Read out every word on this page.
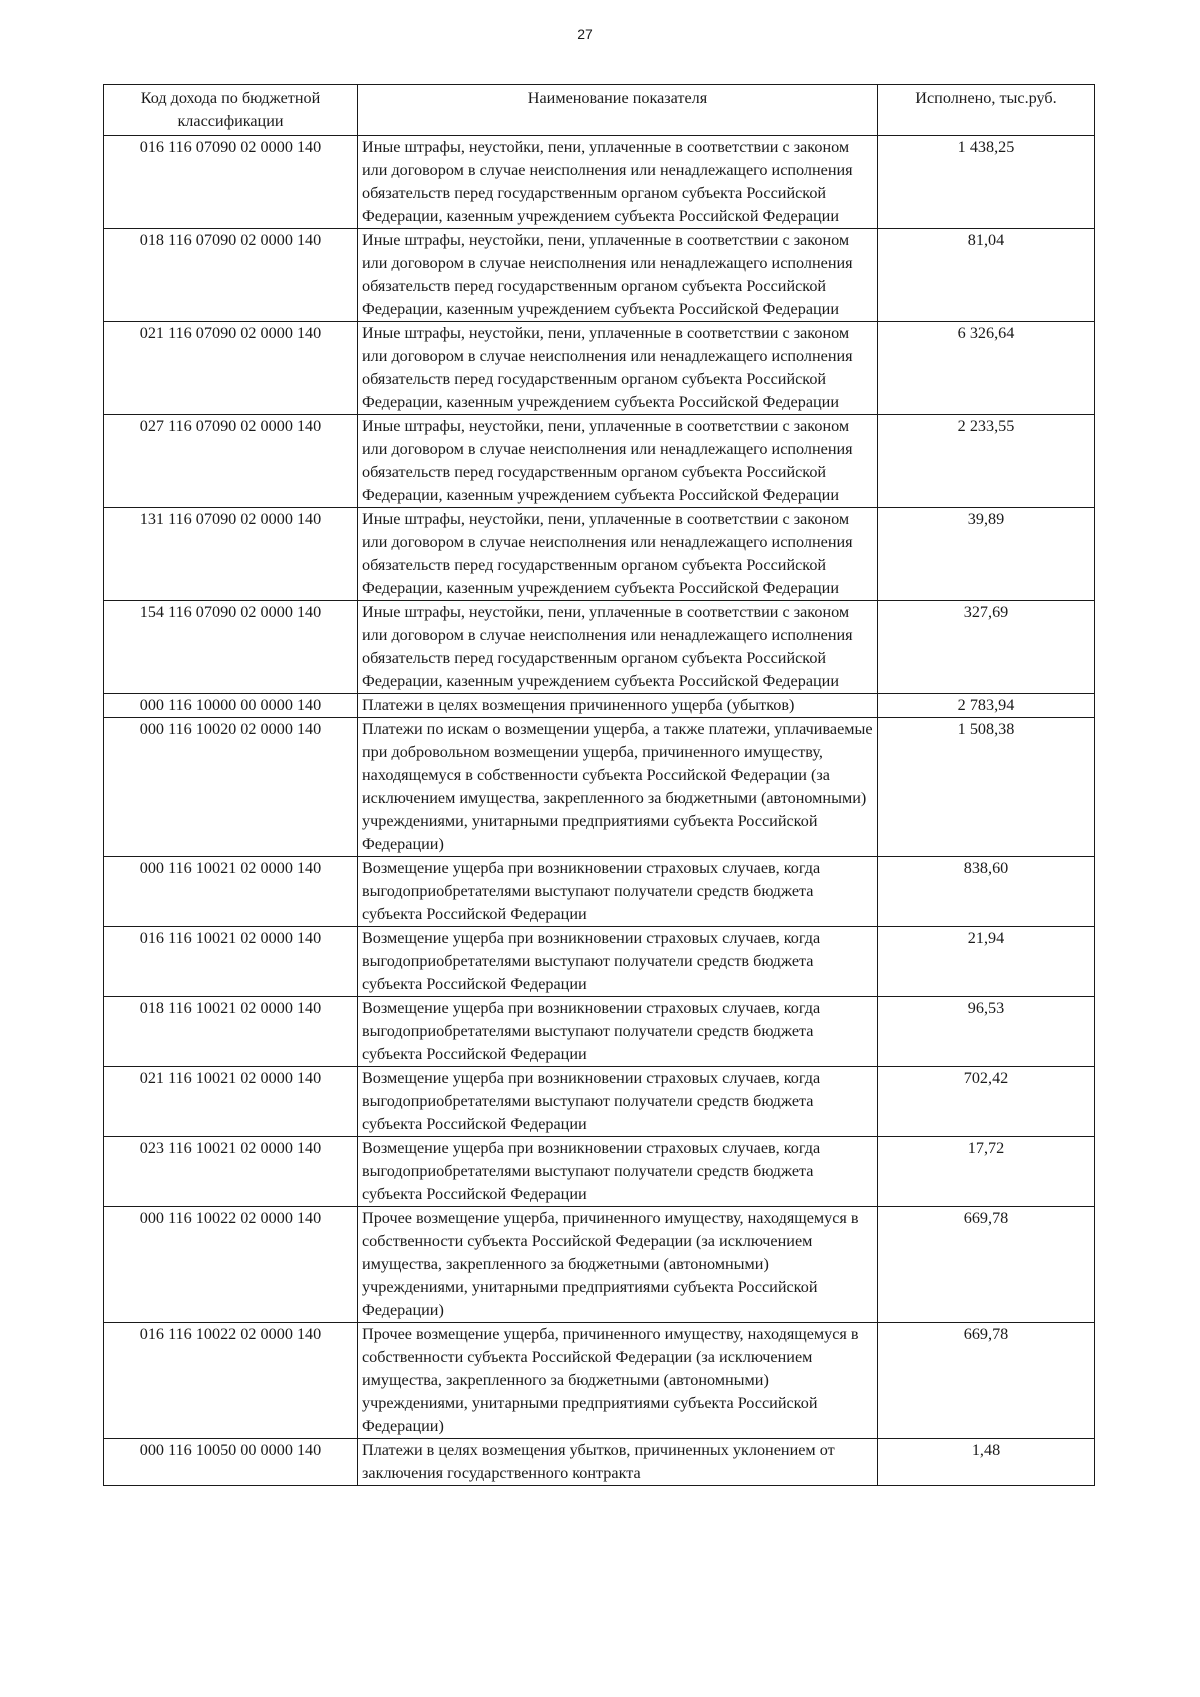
27
Код дохода по бюджетной классификации	Наименование показателя	Исполнено, тыс.руб.
016 116 07090 02 0000 140	Иные штрафы, неустойки, пени, уплаченные в соответствии с законом или договором в случае неисполнения или ненадлежащего исполнения обязательств перед государственным органом субъекта Российской Федерации, казенным учреждением субъекта Российской Федерации	1 438,25
018 116 07090 02 0000 140	Иные штрафы, неустойки, пени, уплаченные в соответствии с законом или договором в случае неисполнения или ненадлежащего исполнения обязательств перед государственным органом субъекта Российской Федерации, казенным учреждением субъекта Российской Федерации	81,04
021 116 07090 02 0000 140	Иные штрафы, неустойки, пени, уплаченные в соответствии с законом или договором в случае неисполнения или ненадлежащего исполнения обязательств перед государственным органом субъекта Российской Федерации, казенным учреждением субъекта Российской Федерации	6 326,64
027 116 07090 02 0000 140	Иные штрафы, неустойки, пени, уплаченные в соответствии с законом или договором в случае неисполнения или ненадлежащего исполнения обязательств перед государственным органом субъекта Российской Федерации, казенным учреждением субъекта Российской Федерации	2 233,55
131 116 07090 02 0000 140	Иные штрафы, неустойки, пени, уплаченные в соответствии с законом или договором в случае неисполнения или ненадлежащего исполнения обязательств перед государственным органом субъекта Российской Федерации, казенным учреждением субъекта Российской Федерации	39,89
154 116 07090 02 0000 140	Иные штрафы, неустойки, пени, уплаченные в соответствии с законом или договором в случае неисполнения или ненадлежащего исполнения обязательств перед государственным органом субъекта Российской Федерации, казенным учреждением субъекта Российской Федерации	327,69
000 116 10000 00 0000 140	Платежи в целях возмещения причиненного ущерба (убытков)	2 783,94
000 116 10020 02 0000 140	Платежи по искам о возмещении ущерба, а также платежи, уплачиваемые при добровольном возмещении ущерба, причиненного имуществу, находящемуся в собственности субъекта Российской Федерации (за исключением имущества, закрепленного за бюджетными (автономными) учреждениями, унитарными предприятиями субъекта Российской Федерации)	1 508,38
000 116 10021 02 0000 140	Возмещение ущерба при возникновении страховых случаев, когда выгодоприобретателями выступают получатели средств бюджета субъекта Российской Федерации	838,60
016 116 10021 02 0000 140	Возмещение ущерба при возникновении страховых случаев, когда выгодоприобретателями выступают получатели средств бюджета субъекта Российской Федерации	21,94
018 116 10021 02 0000 140	Возмещение ущерба при возникновении страховых случаев, когда выгодоприобретателями выступают получатели средств бюджета субъекта Российской Федерации	96,53
021 116 10021 02 0000 140	Возмещение ущерба при возникновении страховых случаев, когда выгодоприобретателями выступают получатели средств бюджета субъекта Российской Федерации	702,42
023 116 10021 02 0000 140	Возмещение ущерба при возникновении страховых случаев, когда выгодоприобретателями выступают получатели средств бюджета субъекта Российской Федерации	17,72
000 116 10022 02 0000 140	Прочее возмещение ущерба, причиненного имуществу, находящемуся в собственности субъекта Российской Федерации (за исключением имущества, закрепленного за бюджетными (автономными) учреждениями, унитарными предприятиями субъекта Российской Федерации)	669,78
016 116 10022 02 0000 140	Прочее возмещение ущерба, причиненного имуществу, находящемуся в собственности субъекта Российской Федерации (за исключением имущества, закрепленного за бюджетными (автономными) учреждениями, унитарными предприятиями субъекта Российской Федерации)	669,78
000 116 10050 00 0000 140	Платежи в целях возмещения убытков, причиненных уклонением от заключения государственного контракта	1,48
